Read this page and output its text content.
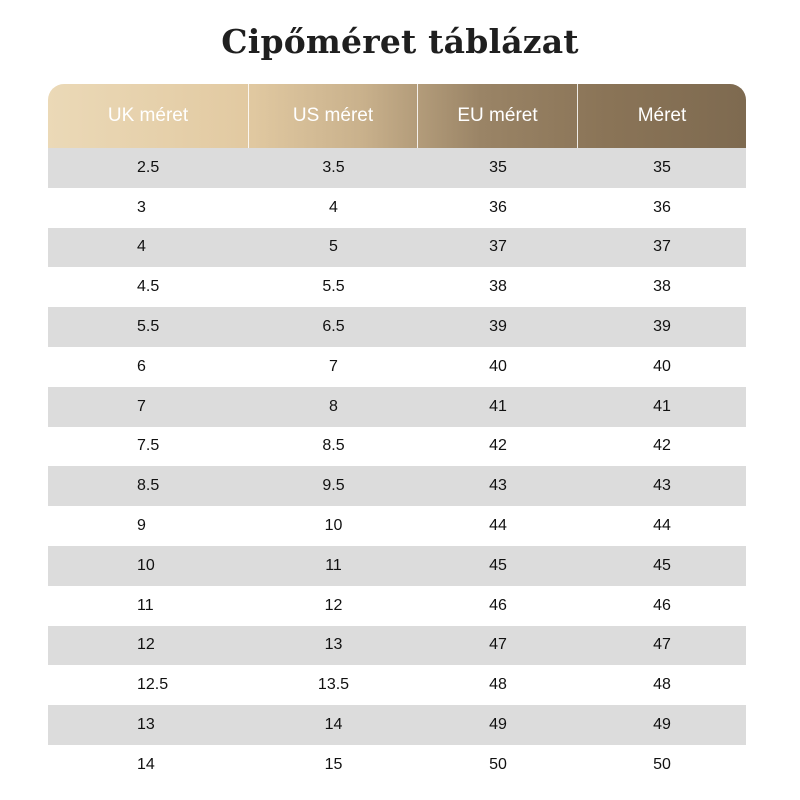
Cipőméret táblázat
UK méret	US méret	EU méret	Méret
2.5	3.5	35	35
3	4	36	36
4	5	37	37
4.5	5.5	38	38
5.5	6.5	39	39
6	7	40	40
7	8	41	41
7.5	8.5	42	42
8.5	9.5	43	43
9	10	44	44
10	11	45	45
11	12	46	46
12	13	47	47
12.5	13.5	48	48
13	14	49	49
14	15	50	50
